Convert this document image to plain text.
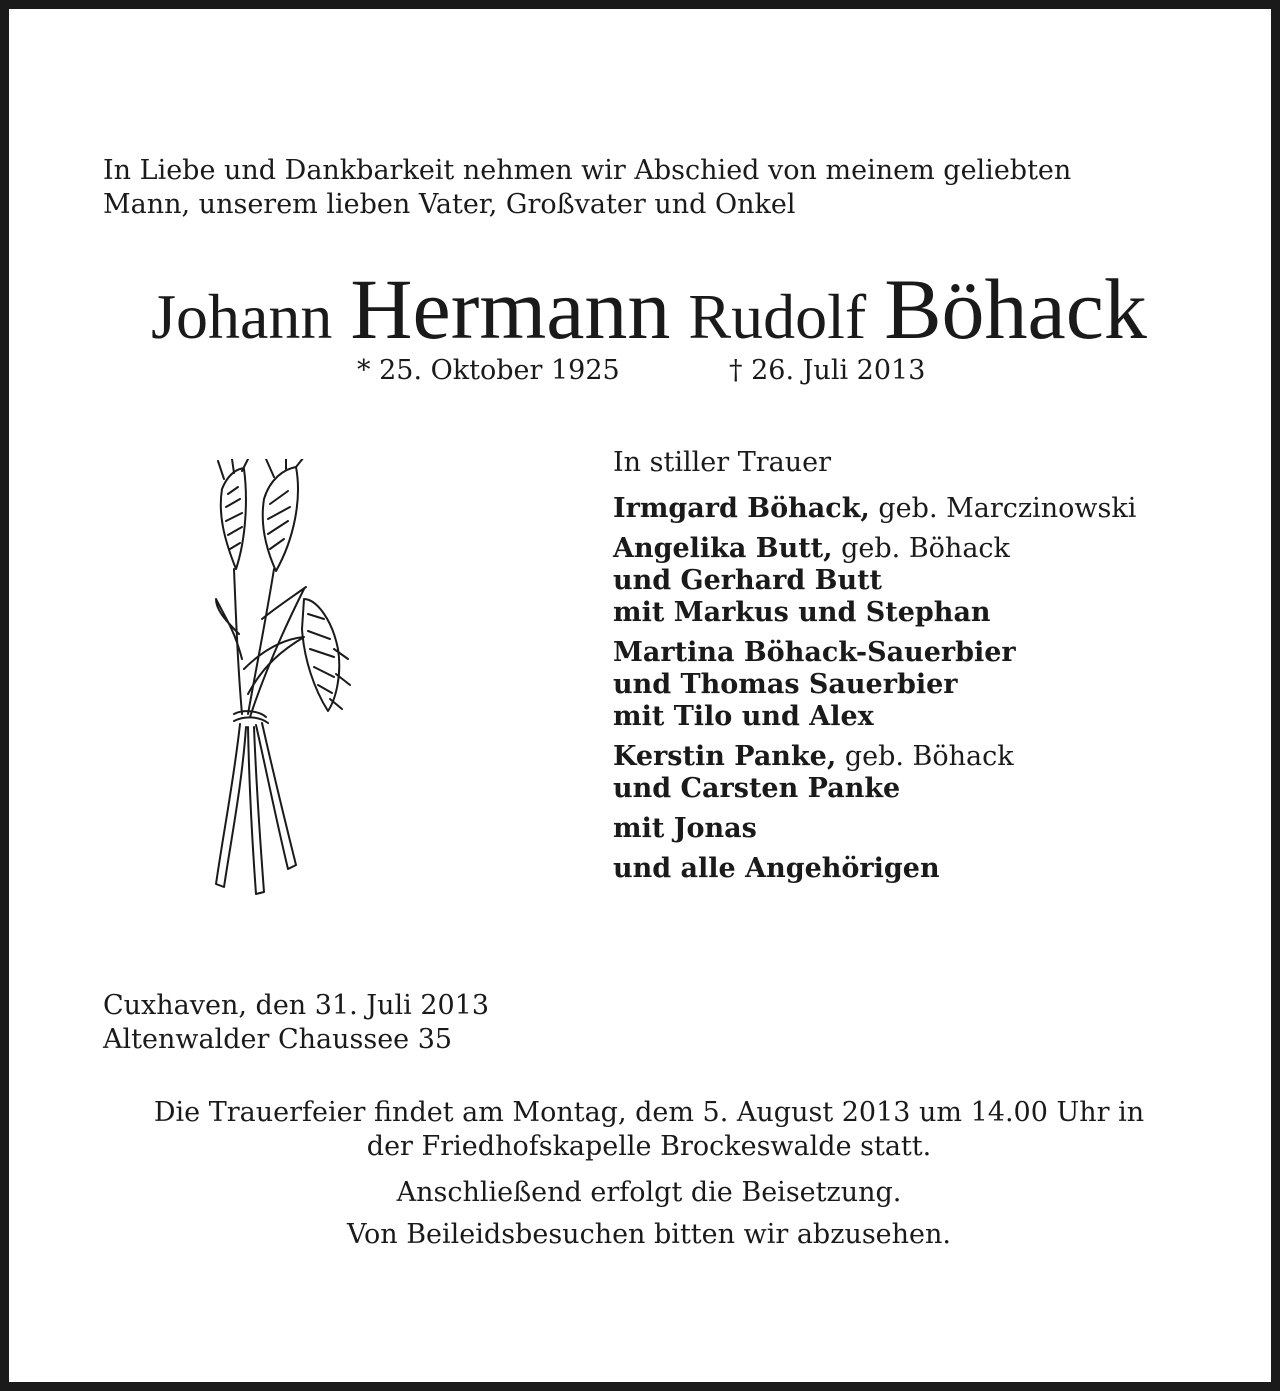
In Liebe und Dankbarkeit nehmen wir Abschied von meinem geliebten
Mann, unserem lieben Vater, Großvater und Onkel
Johann Hermann Rudolf Böhack
* 25. Oktober 1925	† 26. Juli 2013
In stiller Trauer
Irmgard Böhack, geb. Marczinowski
Angelika Butt, geb. Böhack
und Gerhard Butt
mit Markus und Stephan
Martina Böhack-Sauerbier
und Thomas Sauerbier
mit Tilo und Alex
Kerstin Panke, geb. Böhack
und Carsten Panke
mit Jonas
und alle Angehörigen
Cuxhaven, den 31. Juli 2013
Altenwalder Chaussee 35
Die Trauerfeier findet am Montag, dem 5. August 2013 um 14.00 Uhr in
der Friedhofskapelle Brockeswalde statt.
Anschließend erfolgt die Beisetzung.
Von Beileidsbesuchen bitten wir abzusehen.
